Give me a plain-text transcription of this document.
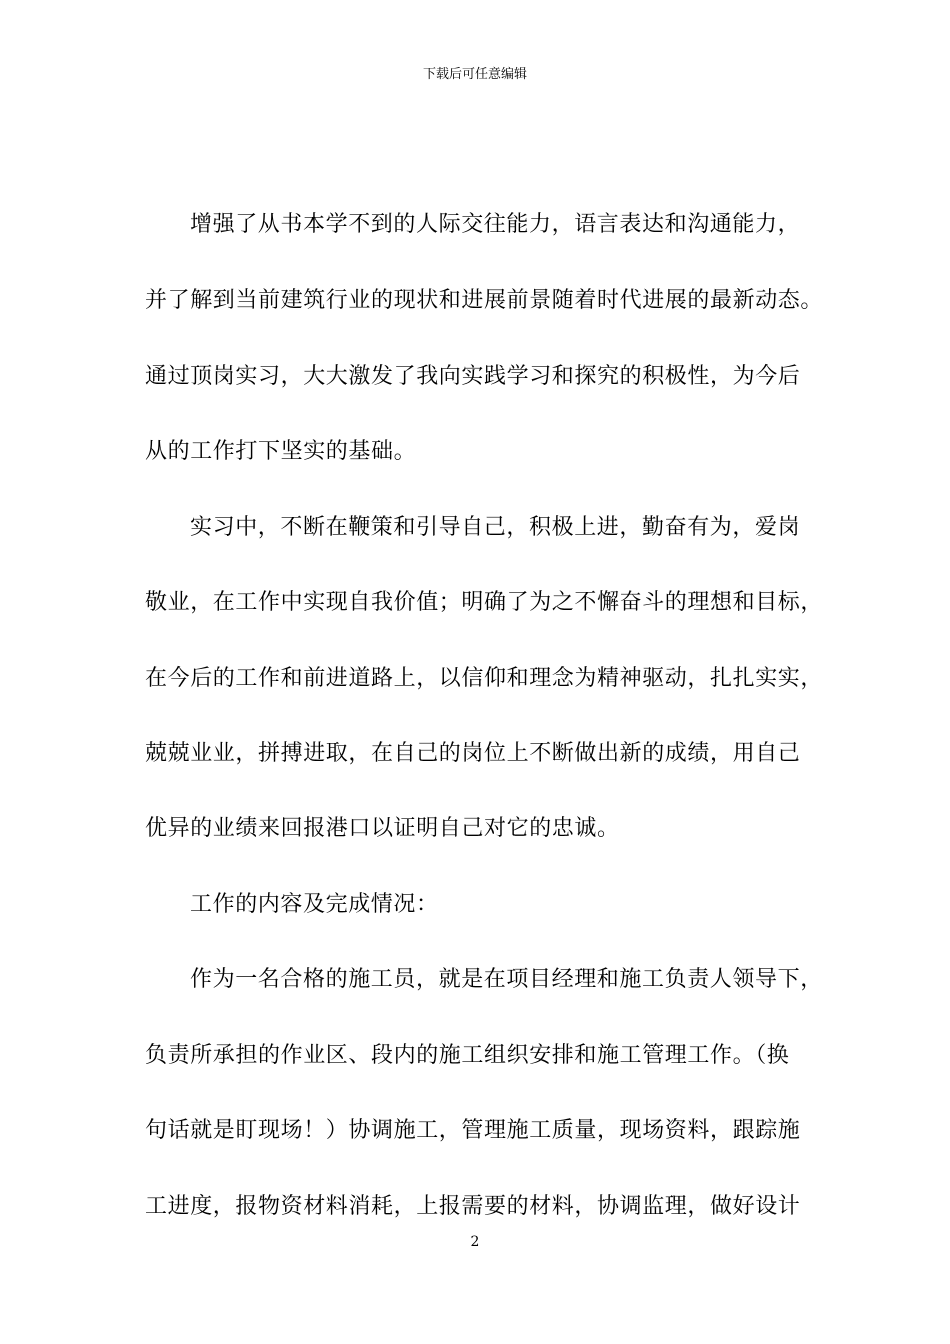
下载后可任意编辑
增强了从书本学不到的人际交往能力，语言表达和沟通能力，
并了解到当前建筑行业的现状和进展前景随着时代进展的最新动态。
通过顶岗实习，大大激发了我向实践学习和探究的积极性，为今后
从的工作打下坚实的基础。
实习中，不断在鞭策和引导自己，积极上进，勤奋有为，爱岗
敬业，在工作中实现自我价值；明确了为之不懈奋斗的理想和目标，
在今后的工作和前进道路上，以信仰和理念为精神驱动，扎扎实实，
兢兢业业，拼搏进取，在自己的岗位上不断做出新的成绩，用自己
优异的业绩来回报港口以证明自己对它的忠诚。
工作的内容及完成情况：
作为一名合格的施工员，就是在项目经理和施工负责人领导下，
负责所承担的作业区、段内的施工组织安排和施工管理工作。（换
句话就是盯现场！）协调施工，管理施工质量，现场资料，跟踪施
工进度，报物资材料消耗，上报需要的材料，协调监理，做好设计
2
